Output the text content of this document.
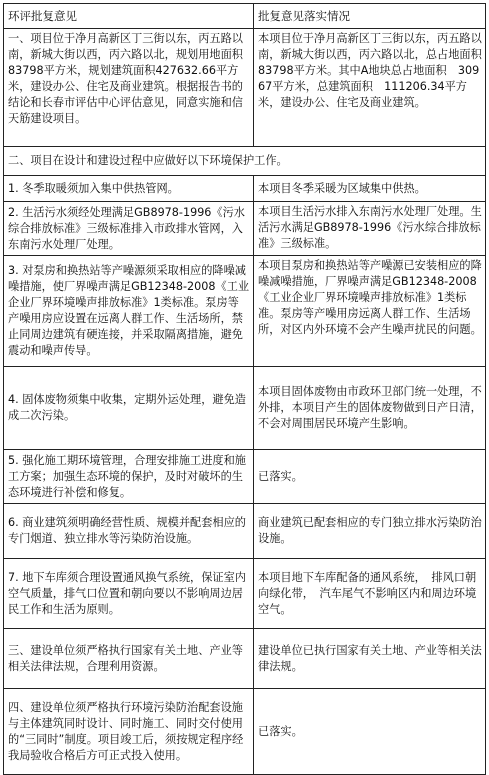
环评批复意见	批复意见落实情况
一、项目位于净月高新区丁三街以东，丙五路以南，新城大街以西，丙六路以北，规划用地面积83798平方米，规划建筑面积427632.66平方米，建设办公、住宅及商业建筑。根据报告书的结论和长春市评估中心评估意见，同意实施和信天筋建设项目。	本项目位于净月高新区丁三街以东，丙五路以南，新城大街以西，丙六路以北，总占地面积83798平方米。其中A地块总占地面积　30967平方米，总建筑面积　111206.34平方米，建设办公、住宅及商业建筑。
二、项目在设计和建设过程中应做好以下环境保护工作。	
1. 冬季取暖须加入集中供热管网。	本项目冬季采暖为区域集中供热。
2. 生活污水须经处理满足GB8978-1996《污水综合排放标准》三级标准排入市政排水管网，入东南污水处理厂处理。	本项目生活污水排入东南污水处理厂处理。生活污水满足GB8978-1996《污水综合排放标准》三级标准。
3. 对泵房和换热站等产噪源须采取相应的降噪减噪措施，使厂界噪声满足GB12348-2008《工业企业厂界环境噪声排放标准》1类标准。泵房等产噪用房应设置在远离人群工作、生活场所，禁止同周边建筑有硬连接，并采取隔离措施，避免震动和噪声传导。	本项目泵房和换热站等产噪源已安装相应的降噪减噪措施，厂界噪声满足GB12348-2008《工业企业厂界环境噪声排放标准》1类标准。泵房等产噪用房远离人群工作、生活场所，对区内外环境不会产生噪声扰民的问题。
4. 固体废物须集中收集，定期外运处理，避免造成二次污染。	本项目固体废物由市政环卫部门统一处理，不外排，本项目产生的固体废物做到日产日清，不会对周围居民环境产生影响。
5. 强化施工期环境管理，合理安排施工进度和施工方案；加强生态环境的保护，及时对破坏的生态环境进行补偿和修复。	已落实。
6. 商业建筑须明确经营性质、规模并配套相应的专门烟道、独立排水等污染防治设施。	商业建筑已配套相应的专门独立排水污染防治设施。
7. 地下车库须合理设置通风换气系统，保证室内空气质量，排气口位置和朝向要以不影响周边居民工作和生活为原则。	本项目地下车库配备的通风系统，　排风口朝向绿化带，　汽车尾气不影响区内和周边环境空气。
三、建设单位须严格执行国家有关土地、产业等相关法律法规，合理利用资源。	建设单位已执行国家有关土地、产业等相关法律法规。
四、建设单位须严格执行环境污染防治配套设施与主体建筑同时设计、同时施工、同时交付使用的“三同时”制度。项目竣工后，须按规定程序经我局验收合格后方可正式投入使用。	已落实。
